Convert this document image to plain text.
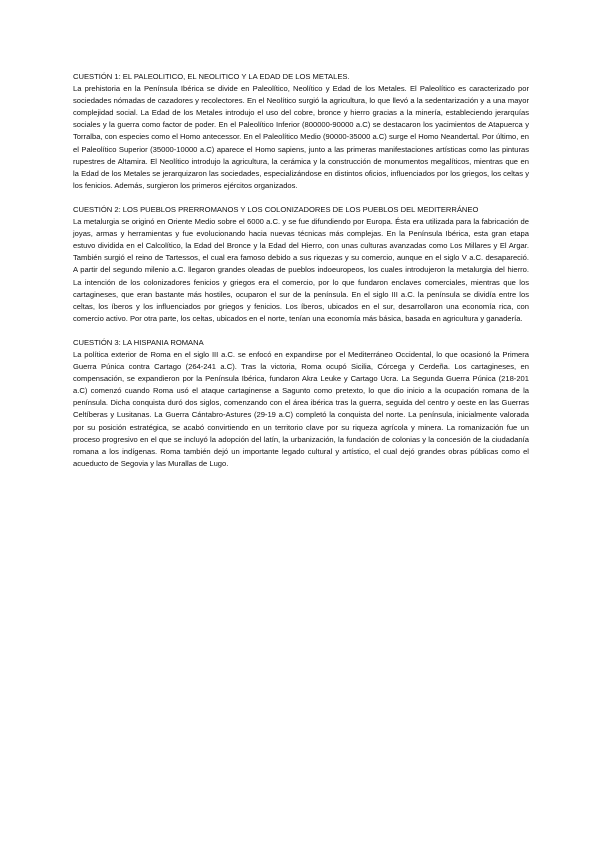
CUESTIÓN 1: EL PALEOLITICO, EL NEOLITICO Y LA EDAD DE LOS METALES.

La prehistoria en la Península Ibérica se divide en Paleolítico, Neolítico y Edad de los Metales. El Paleolítico es caracterizado por sociedades nómadas de cazadores y recolectores. En el Neolítico surgió la agricultura, lo que llevó a la sedentarización y a una mayor complejidad social. La Edad de los Metales introdujo el uso del cobre, bronce y hierro gracias a la minería, estableciendo jerarquías sociales y la guerra como factor de poder. En el Paleolítico Inferior (800000-90000 a.C) se destacaron los yacimientos de Atapuerca y Torralba, con especies como el Homo antecessor. En el Paleolítico Medio (90000-35000 a.C) surge el Homo Neandertal. Por último, en el Paleolítico Superior (35000-10000 a.C) aparece el Homo sapiens, junto a las primeras manifestaciones artísticas como las pinturas rupestres de Altamira. El Neolítico introdujo la agricultura, la cerámica y la construcción de monumentos megalíticos, mientras que en la Edad de los Metales se jerarquizaron las sociedades, especializándose en distintos oficios, influenciados por los griegos, los celtas y los fenicios. Además, surgieron los primeros ejércitos organizados.

CUESTIÓN 2: LOS PUEBLOS PRERROMANOS Y LOS COLONIZADORES DE LOS PUEBLOS DEL MEDITERRÁNEO

La metalurgia se originó en Oriente Medio sobre el 6000 a.C. y se fue difundiendo por Europa. Ésta era utilizada para la fabricación de joyas, armas y herramientas y fue evolucionando hacia nuevas técnicas más complejas. En la Península Ibérica, esta gran etapa estuvo dividida en el Calcolítico, la Edad del Bronce y la Edad del Hierro, con unas culturas avanzadas como Los Millares y El Argar. También surgió el reino de Tartessos, el cual era famoso debido a sus riquezas y su comercio, aunque en el siglo V a.C. desapareció. A partir del segundo milenio a.C. llegaron grandes oleadas de pueblos indoeuropeos, los cuales introdujeron la metalurgia del hierro. La intención de los colonizadores fenicios y griegos era el comercio, por lo que fundaron enclaves comerciales, mientras que los cartagineses, que eran bastante más hostiles, ocuparon el sur de la península. En el siglo III a.C. la península se dividía entre los celtas, los íberos y los influenciados por griegos y fenicios. Los íberos, ubicados en el sur, desarrollaron una economía rica, con comercio activo. Por otra parte, los celtas, ubicados en el norte, tenían una economía más básica, basada en agricultura y ganadería.

CUESTIÓN 3: LA HISPANIA ROMANA

La política exterior de Roma en el siglo III a.C. se enfocó en expandirse por el Mediterráneo Occidental, lo que ocasionó la Primera Guerra Púnica contra Cartago (264-241 a.C). Tras la victoria, Roma ocupó Sicilia, Córcega y Cerdeña. Los cartagineses, en compensación, se expandieron por la Península Ibérica, fundaron Akra Leuke y Cartago Ucra. La Segunda Guerra Púnica (218-201 a.C) comenzó cuando Roma usó el ataque cartaginense a Sagunto como pretexto, lo que dio inicio a la ocupación romana de la península. Dicha conquista duró dos siglos, comenzando con el área ibérica tras la guerra, seguida del centro y oeste en las Guerras Celtíberas y Lusitanas. La Guerra Cántabro-Astures (29-19 a.C) completó la conquista del norte. La península, inicialmente valorada por su posición estratégica, se acabó convirtiendo en un territorio clave por su riqueza agrícola y minera. La romanización fue un proceso progresivo en el que se incluyó la adopción del latín, la urbanización, la fundación de colonias y la concesión de la ciudadanía romana a los indígenas. Roma también dejó un importante legado cultural y artístico, el cual dejó grandes obras públicas como el acueducto de Segovia y las Murallas de Lugo.
